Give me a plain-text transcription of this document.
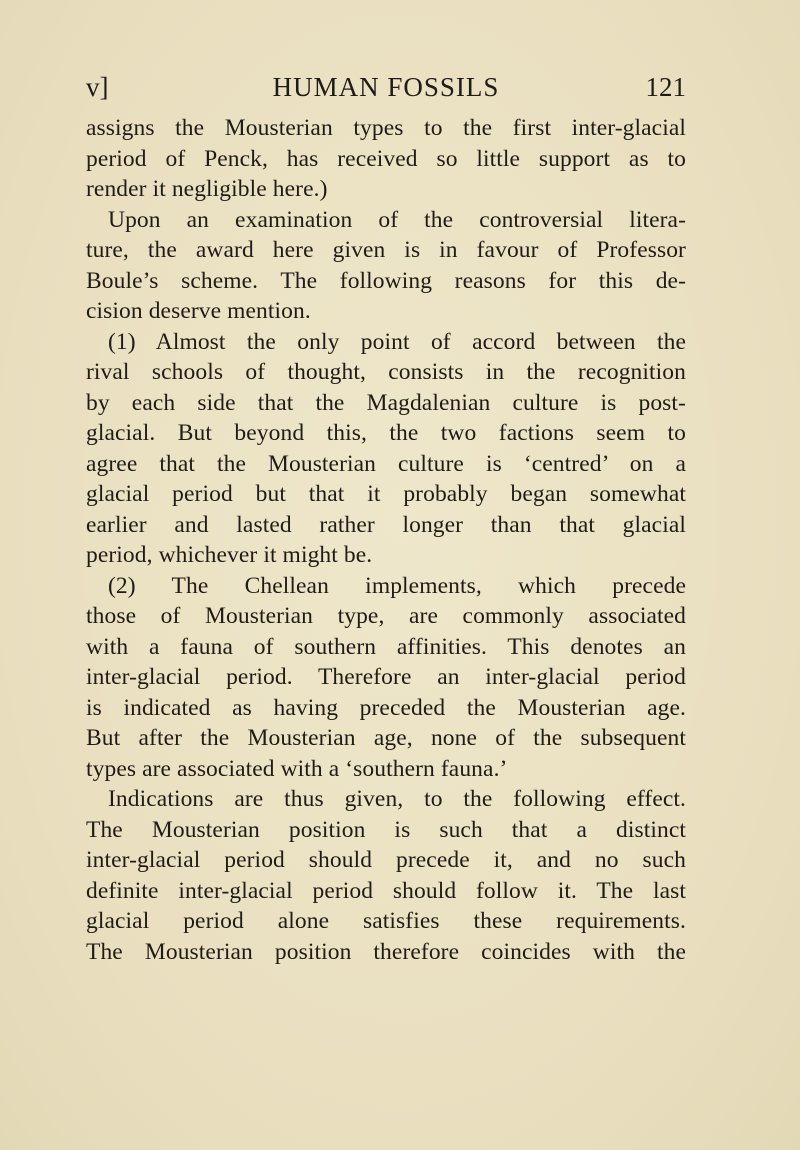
v]	HUMAN FOSSILS	121
assigns the Mousterian types to the first inter-glacial
period of Penck, has received so little support as to
render it negligible here.)
Upon an examination of the controversial litera-
ture, the award here given is in favour of Professor
Boule’s scheme. The following reasons for this de-
cision deserve mention.
(1) Almost the only point of accord between the
rival schools of thought, consists in the recognition
by each side that the Magdalenian culture is post-
glacial. But beyond this, the two factions seem to
agree that the Mousterian culture is ‘centred’ on a
glacial period but that it probably began somewhat
earlier and lasted rather longer than that glacial
period, whichever it might be.
(2) The Chellean implements, which precede
those of Mousterian type, are commonly associated
with a fauna of southern affinities. This denotes an
inter-glacial period. Therefore an inter-glacial period
is indicated as having preceded the Mousterian age.
But after the Mousterian age, none of the subsequent
types are associated with a ‘southern fauna.’
Indications are thus given, to the following effect.
The Mousterian position is such that a distinct
inter-glacial period should precede it, and no such
definite inter-glacial period should follow it. The last
glacial period alone satisfies these requirements.
The Mousterian position therefore coincides with the
